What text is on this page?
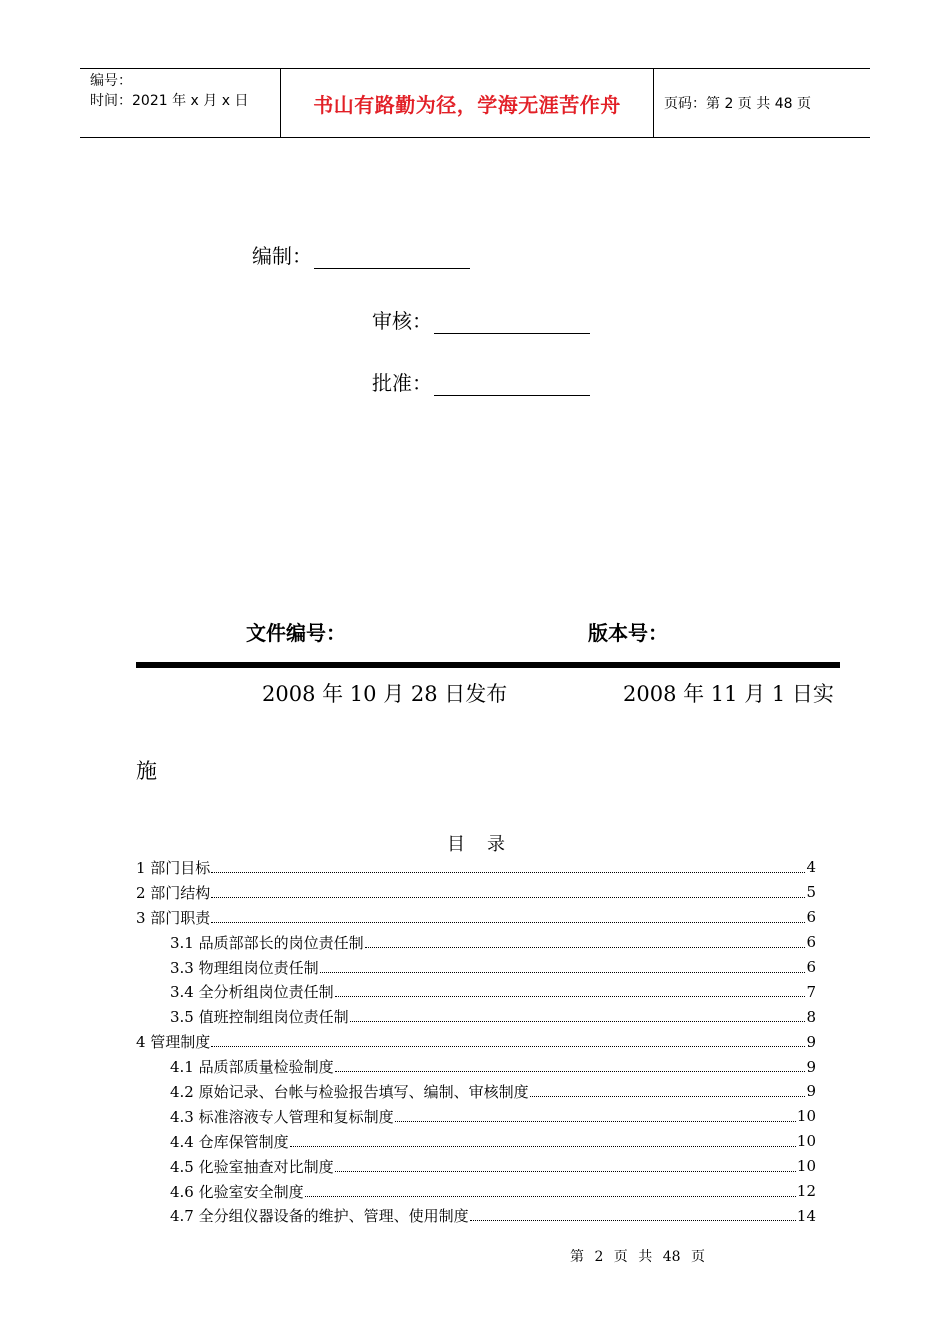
编号：
时间：2021 年 x 月 x 日	书山有路勤为径，学海无涯苦作舟	页码：第 2 页 共 48 页
编制：
审核：
批准：
文件编号：	版本号：
2008 年 10 月 28 日发布	2008 年 11 月 1 日实
施
目录
1 部门目标	4
2 部门结构	5
3 部门职责	6
3.1 品质部部长的岗位责任制	6
3.3 物理组岗位责任制	6
3.4 全分析组岗位责任制	7
3.5 值班控制组岗位责任制	8
4 管理制度	9
4.1 品质部质量检验制度	9
4.2 原始记录、台帐与检验报告填写、编制、审核制度	9
4.3 标准溶液专人管理和复标制度	10
4.4 仓库保管制度	10
4.5 化验室抽查对比制度	10
4.6 化验室安全制度	12
4.7 全分组仪器设备的维护、管理、使用制度	14
第 2 页 共 48 页
